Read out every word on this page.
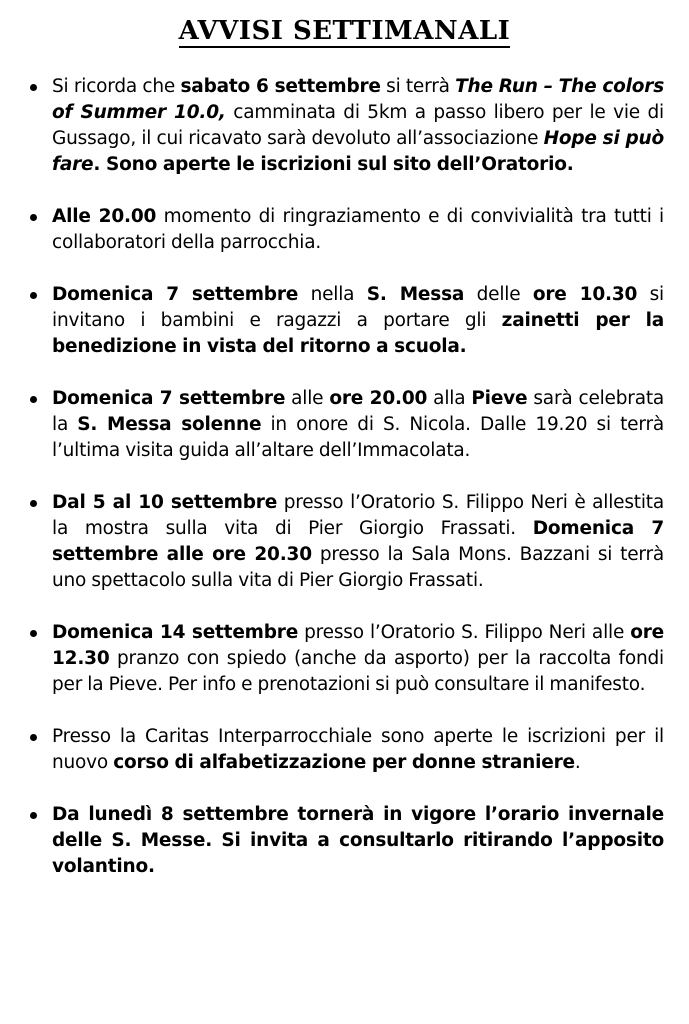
AVVISI SETTIMANALI
Si ricorda che sabato 6 settembre si terrà The Run – The colors of Summer 10.0, camminata di 5km a passo libero per le vie di Gussago, il cui ricavato sarà devoluto all’associazione Hope si può fare. Sono aperte le iscrizioni sul sito dell’Oratorio.
Alle 20.00 momento di ringraziamento e di convivialità tra tutti i collaboratori della parrocchia.
Domenica 7 settembre nella S. Messa delle ore 10.30 si invitano i bambini e ragazzi a portare gli zainetti per la benedizione in vista del ritorno a scuola.
Domenica 7 settembre alle ore 20.00 alla Pieve sarà celebrata la S. Messa solenne in onore di S. Nicola. Dalle 19.20 si terrà l’ultima visita guida all’altare dell’Immacolata.
Dal 5 al 10 settembre presso l’Oratorio S. Filippo Neri è allestita la mostra sulla vita di Pier Giorgio Frassati. Domenica 7 settembre alle ore 20.30 presso la Sala Mons. Bazzani si terrà uno spettacolo sulla vita di Pier Giorgio Frassati.
Domenica 14 settembre presso l’Oratorio S. Filippo Neri alle ore 12.30 pranzo con spiedo (anche da asporto) per la raccolta fondi per la Pieve. Per info e prenotazioni si può consultare il manifesto.
Presso la Caritas Interparrocchiale sono aperte le iscrizioni per il nuovo corso di alfabetizzazione per donne straniere.
Da lunedì 8 settembre tornerà in vigore l’orario invernale delle S. Messe. Si invita a consultarlo ritirando l’apposito volantino.
